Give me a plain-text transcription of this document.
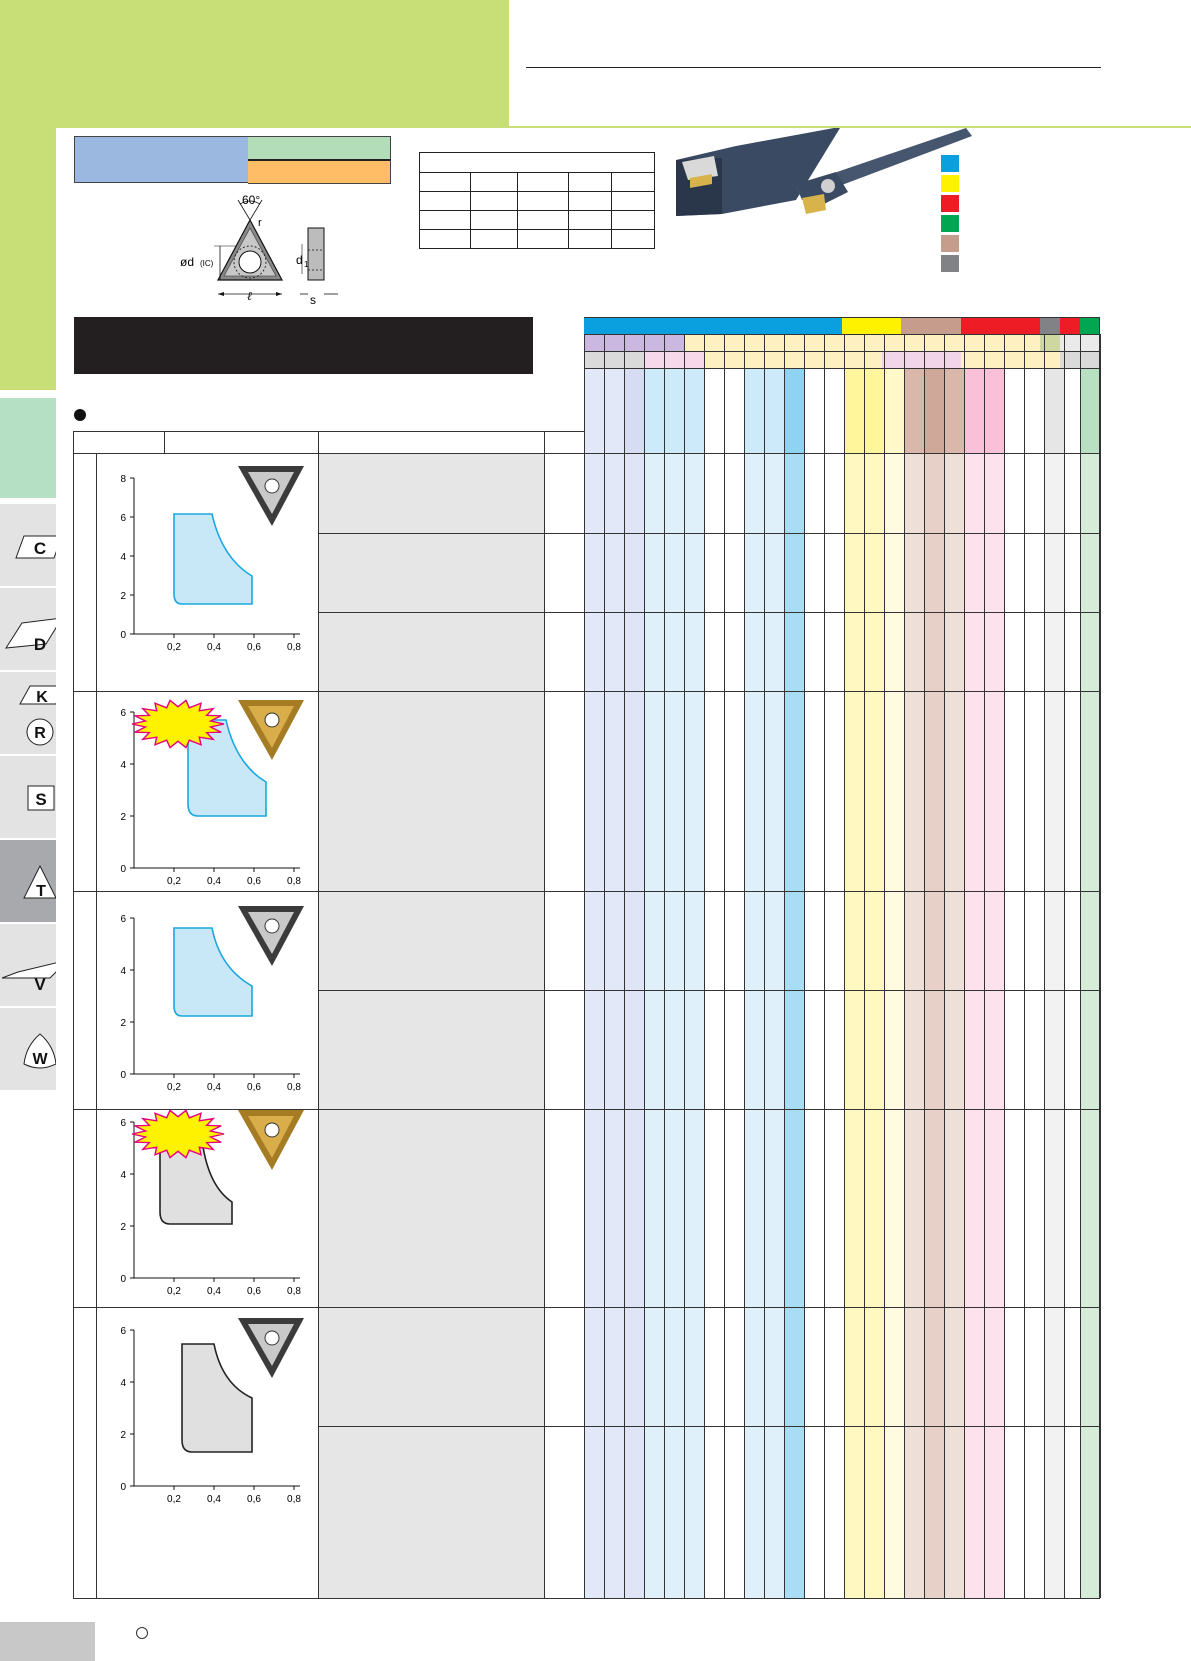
C
D
K
R
S
T
V
W
60°
r
ød (IC)
ℓ
d 1
s

8
6
4
2
0
0,2	0,4	0,6	0,8
6
4
2
0
0,2	0,4	0,6	0,8
6
4
2
0
0,2	0,4	0,6	0,8
6
4
2
0
0,2	0,4	0,6	0,8
6
4
2
0
0,2	0,4	0,6	0,8
